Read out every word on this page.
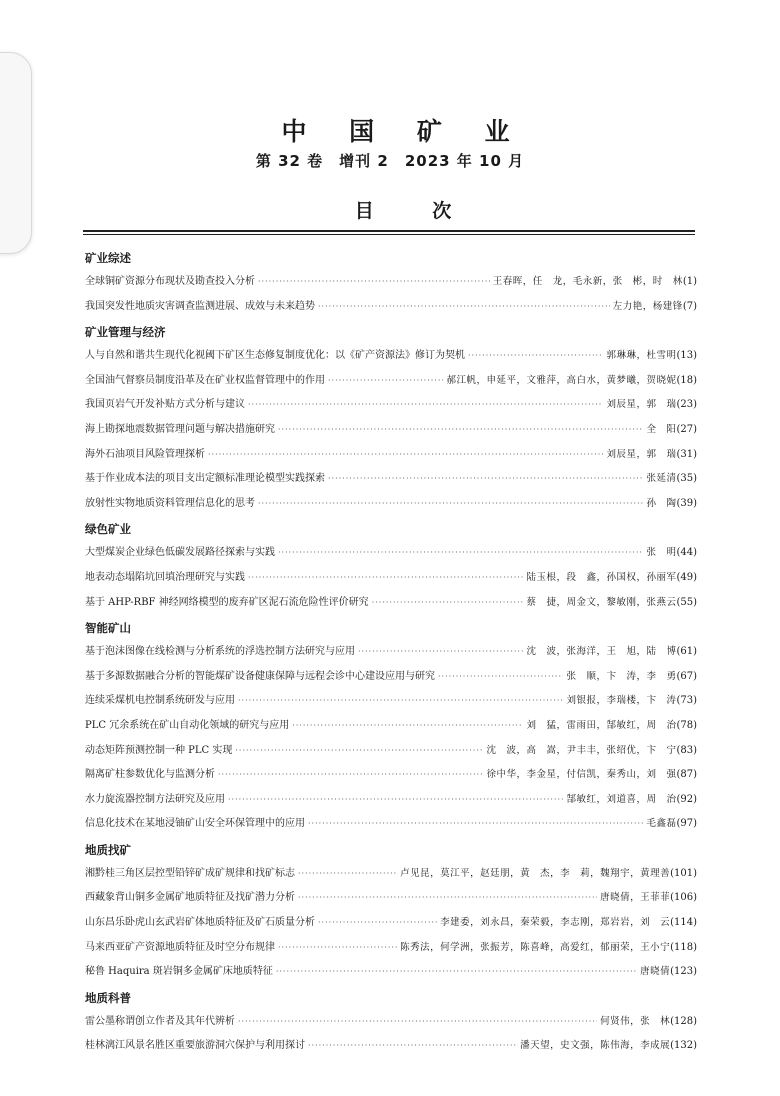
中 国 矿 业
第 32 卷　增刊 2　2023 年 10 月
目 次
矿业综述
全球铜矿资源分布现状及勘查投入分析 ·····	王春晖，任　龙，毛永新，张　彬，时　林 ( 1 )
我国突发性地质灾害调查监测进展、成效与未来趋势 ·····	左力艳，杨建锋 ( 7 )
矿业管理与经济
人与自然和谐共生现代化视阈下矿区生态修复制度优化：以《矿产资源法》修订为契机 ·····	郭琳琳，杜雪明 ( 13 )
全国油气督察员制度沿革及在矿业权监督管理中的作用 ·····	郝江帆，申延平，文雅萍，高白水，黄梦曦，贺晓妮 ( 18 )
我国页岩气开发补贴方式分析与建议 ·····	刘辰星，郭　瑞 ( 23 )
海上勘探地震数据管理问题与解决措施研究 ·····	全　阳 ( 27 )
海外石油项目风险管理探析 ·····	刘辰星，郭　瑞 ( 31 )
基于作业成本法的项目支出定额标准理论模型实践探索 ·····	张延清 ( 35 )
放射性实物地质资料管理信息化的思考 ·····	孙　陶 ( 39 )
绿色矿业
大型煤炭企业绿色低碳发展路径探索与实践 ·····	张　明 ( 44 )
地表动态塌陷坑回填治理研究与实践 ·····	陆玉根，段　鑫，孙国权，孙丽军 ( 49 )
基于 AHP-RBF 神经网络模型的废弃矿区泥石流危险性评价研究 ·····	蔡　捷，周金文，黎敏刚，张燕云 ( 55 )
智能矿山
基于泡沫图像在线检测与分析系统的浮选控制方法研究与应用 ·····	沈　波，张海洋，王　旭，陆　博 ( 61 )
基于多源数据融合分析的智能煤矿设备健康保障与远程会诊中心建设应用与研究 ·····	张　顺，卞　涛，李　勇 ( 67 )
连续采煤机电控制系统研发与应用 ·····	刘银报，李瑞楼，卞　涛 ( 73 )
PLC 冗余系统在矿山自动化领域的研究与应用 ·····	刘　猛，雷雨田，郜敏红，周　治 ( 78 )
动态矩阵预测控制一种 PLC 实现 ·····	沈　波，高　嵩，尹丰丰，张绍优，卞　宁 ( 83 )
隔离矿柱参数优化与监测分析 ·····	徐中华，李金星，付信凯，秦秀山，刘　强 ( 87 )
水力旋流器控制方法研究及应用 ·····	郜敏红，刘道喜，周　治 ( 92 )
信息化技术在某地浸铀矿山安全环保管理中的应用 ·····	毛鑫磊 ( 97 )
地质找矿
湘黔桂三角区层控型铅锌矿成矿规律和找矿标志 ·····	卢见昆，莫江平，赵廷朋，黄　杰，李　莉，魏翔宇，黄理善 ( 101 )
西藏象背山铜多金属矿地质特征及找矿潜力分析 ·····	唐晓倩，王菲菲 ( 106 )
山东昌乐卧虎山玄武岩矿体地质特征及矿石质量分析 ·····	李建委，刘永昌，秦荣毅，李志刚，郑岩岩，刘　云 ( 114 )
马来西亚矿产资源地质特征及时空分布规律 ·····	陈秀法，何学洲，张振芳，陈喜峰，高爱红，郁丽荣，王小宁 ( 118 )
秘鲁 Haquira 斑岩铜多金属矿床地质特征 ·····	唐晓倩 ( 123 )
地质科普
雷公墨称谓创立作者及其年代辨析 ·····	何贤伟，张　林 ( 128 )
桂林漓江风景名胜区重要旅游洞穴保护与利用探讨 ·····	潘天望，史文强，陈伟海，李成展 ( 132 )
